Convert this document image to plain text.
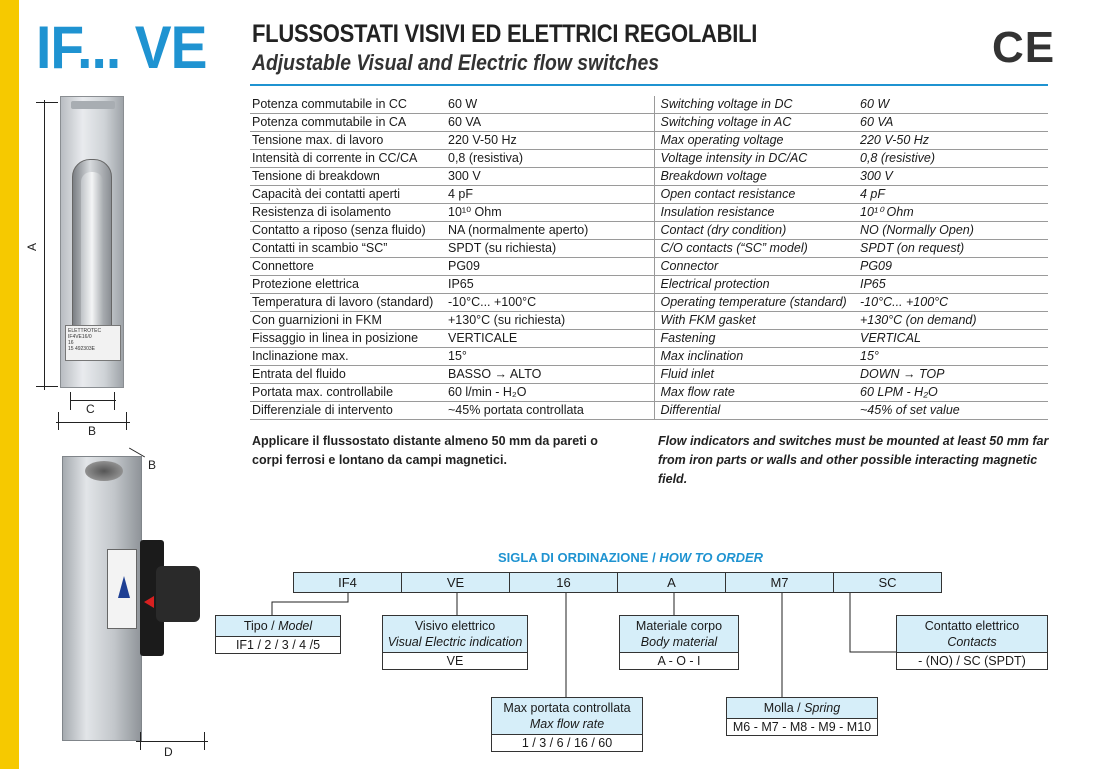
IF... VE FLUSSOSTATI VISIVI ED ELETTRICI REGOLABILI
Adjustable Visual and Electric flow switches	CE
ELETTROTEC
IF4VE16/0
16
15 492303E
A
C
B
B
D
Potenza commutabile in CC	60 W	Switching voltage in DC	60 W
Potenza commutabile in CA	60 VA	Switching voltage in AC	60 VA
Tensione max. di lavoro	220 V-50 Hz	Max operating voltage	220 V-50 Hz
Intensità di corrente in CC/CA	0,8 (resistiva)	Voltage intensity in DC/AC	0,8 (resistive)
Tensione di breakdown	300 V	Breakdown voltage	300 V
Capacità dei contatti aperti	4 pF	Open contact resistance	4 pF
Resistenza di isolamento	10¹⁰ Ohm	Insulation resistance	10¹⁰ Ohm
Contatto a riposo (senza fluido)	NA (normalmente aperto)	Contact (dry condition)	NO (Normally Open)
Contatti in scambio “SC”	SPDT (su richiesta)	C/O contacts (“SC” model)	SPDT (on request)
Connettore	PG09	Connector	PG09
Protezione elettrica	IP65	Electrical protection	IP65
Temperatura di lavoro (standard)	-10°C... +100°C	Operating temperature (standard)	-10°C... +100°C
Con guarnizioni in FKM	+130°C (su richiesta)	With FKM gasket	+130°C (on demand)
Fissaggio in linea in posizione	VERTICALE	Fastening	VERTICAL
Inclinazione max.	15°	Max inclination	15°
Entrata del fluido	BASSO → ALTO	Fluid inlet	DOWN → TOP
Portata max. controllabile	60 l/min - H₂O	Max flow rate	60 LPM - H₂O
Differenziale di intervento	~45% portata controllata	Differential	~45% of set value
Applicare il flussostato distante almeno 50 mm da pareti o corpi ferrosi e lontano da campi magnetici.
Flow indicators and switches must be mounted at least 50 mm far from iron parts or walls and other possible interacting magnetic field.
SIGLA DI ORDINAZIONE / HOW TO ORDER
IF4	VE	16	A	M7	SC
Tipo / Model
IF1 / 2 / 3 / 4 /5
Visivo elettrico
Visual Electric indication
VE
Max portata controllata
Max flow rate
1 / 3 / 6 / 16 / 60
Materiale corpo
Body material
A - O - I
Molla / Spring
M6 - M7 - M8 - M9 - M10
Contatto elettrico
Contacts
- (NO) / SC (SPDT)
